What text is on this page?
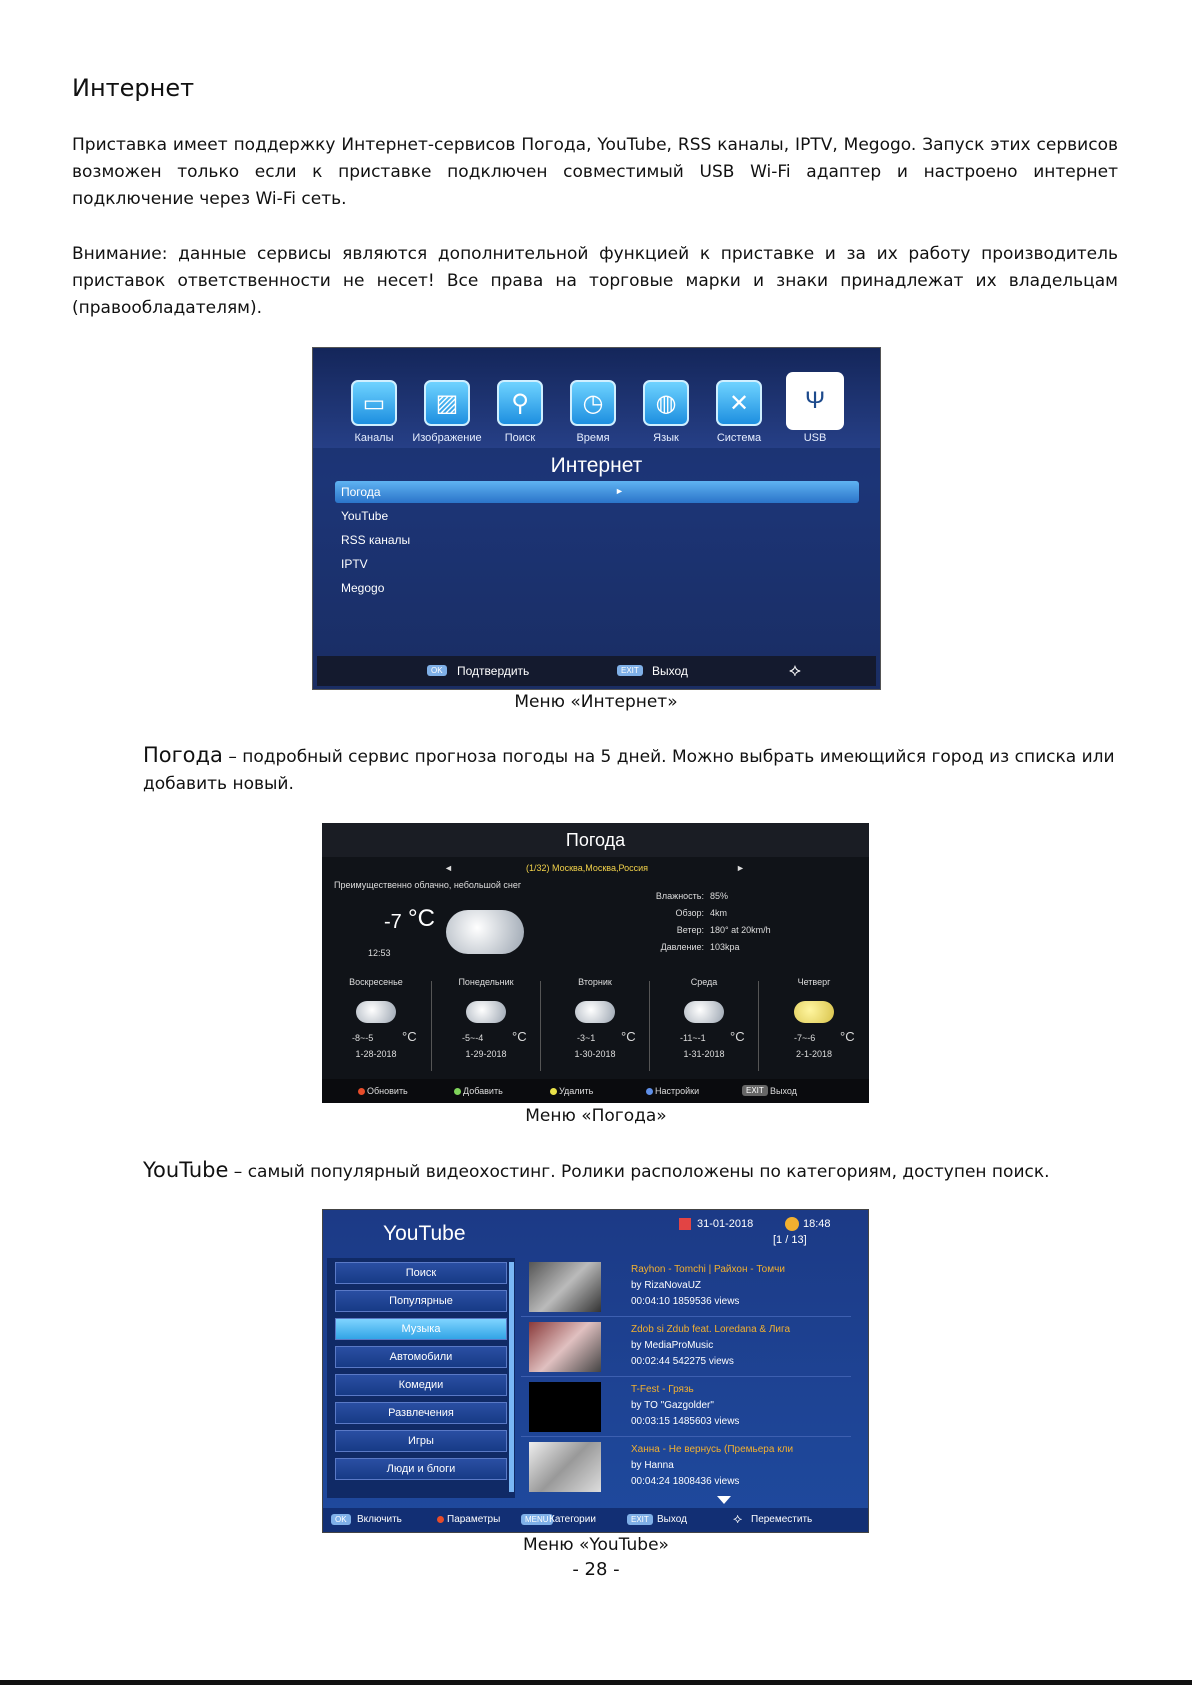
Интернет
Приставка имеет поддержку Интернет-сервисов Погода, YouTube, RSS каналы, IPTV, Megogo. Запуск этих сервисов возможен только если к приставке подключен совместимый USB Wi-Fi адаптер и настроено интернет подключение через Wi-Fi сеть.
Внимание: данные сервисы являются дополнительной функцией к приставке и за их работу производитель приставок ответственности не несет! Все права на торговые марки и знаки принадлежат их владельцам (правообладателям).
▭	▨	⚲	◷	◍	✕	Ψ
Каналы	Изображение	Поиск	Время	Язык	Система	USB
Интернет
Погода	►
YouTube
RSS каналы
IPTV
Megogo
OK	Подтвердить	EXIT	Выход	⟡
Меню «Интернет»
Погода – подробный сервис прогноза погоды на 5 дней. Можно выбрать имеющийся город из списка или добавить новый.
Погода
◄	(1/32) Москва,Москва,Россия	►
Преимущественно облачно, небольшой снег
-7 °C
12:53
Влажность: 85%
Обзор: 4km
Ветер: 180° at 20km/h
Давление: 103kpa
Воскресенье
-8~-5 °C
1-28-2018
Понедельник
-5~-4 °C
1-29-2018
Вторник
-3~1 °C
1-30-2018
Среда
-11~-1 °C
1-31-2018
Четверг
-7~-6 °C
2-1-2018
Обновить	Добавить	Удалить	Настройки	EXIT Выход
Меню «Погода»
YouTube – самый популярный видеохостинг. Ролики расположены по категориям, доступен поиск.
YouTube	31-01-2018	18:48
[1 / 13]
Поиск
Популярные
Музыка
Автомобили
Комедии
Развлечения
Игры
Люди и блоги
Rayhon - Tomchi | Райхон - Томчи
by RizaNovaUZ
00:04:10 1859536 views
Zdob si Zdub feat. Loredana & Лига
by MediaProMusic
00:02:44 542275 views
T-Fest - Грязь
by TO "Gazgolder"
00:03:15 1485603 views
Ханна - Не вернусь (Премьера кли
by Hanna
00:04:24 1808436 views
OK	Включить	Параметры	MENU Категории	EXIT Выход	⟡ Переместить
Меню «YouTube»
- 28 -
